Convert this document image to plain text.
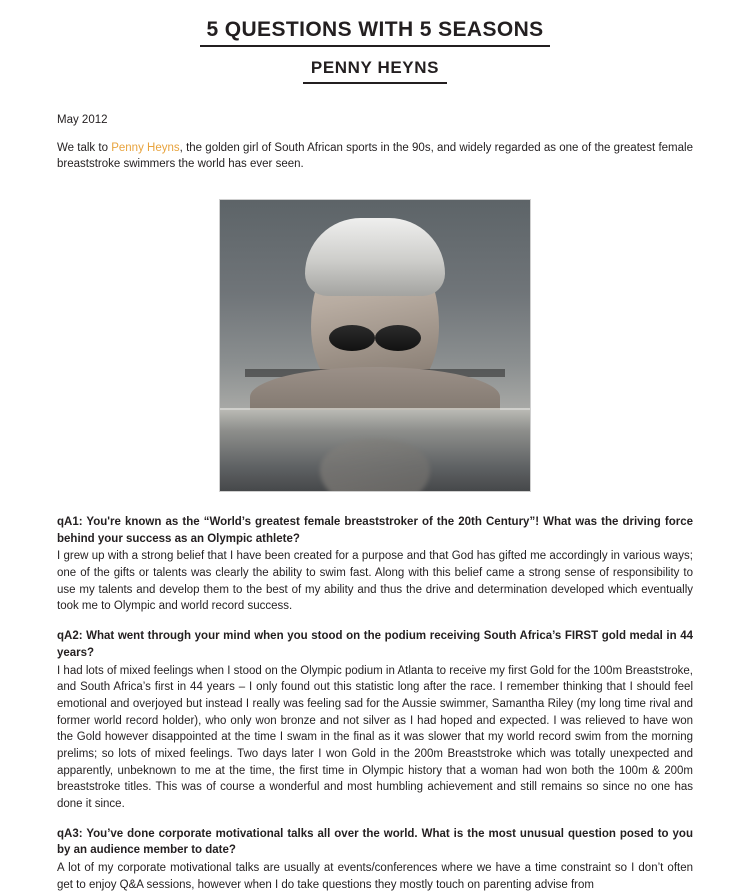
5 QUESTIONS WITH 5 SEASONS
PENNY HEYNS
May 2012
We talk to Penny Heyns, the golden girl of South African sports in the 90s, and widely regarded as one of the greatest female breaststroke swimmers the world has ever seen.
qA1: You're known as the “World’s greatest female breaststroker of the 20th Century”! What was the driving force behind your success as an Olympic athlete?
I grew up with a strong belief that I have been created for a purpose and that God has gifted me accordingly in various ways; one of the gifts or talents was clearly the ability to swim fast. Along with this belief came a strong sense of responsibility to use my talents and develop them to the best of my ability and thus the drive and determination developed which eventually took me to Olympic and world record success.
qA2: What went through your mind when you stood on the podium receiving South Africa’s FIRST gold medal in 44 years?
I had lots of mixed feelings when I stood on the Olympic podium in Atlanta to receive my first Gold for the 100m Breaststroke, and South Africa’s first in 44 years – I only found out this statistic long after the race. I remember thinking that I should feel emotional and overjoyed but instead I really was feeling sad for the Aussie swimmer, Samantha Riley (my long time rival and former world record holder), who only won bronze and not silver as I had hoped and expected. I was relieved to have won the Gold however disappointed at the time I swam in the final as it was slower that my world record swim from the morning prelims; so lots of mixed feelings. Two days later I won Gold in the 200m Breaststroke which was totally unexpected and apparently, unbeknown to me at the time, the first time in Olympic history that a woman had won both the 100m & 200m breaststroke titles. This was of course a wonderful and most humbling achievement and still remains so since no one has done it since.
qA3: You’ve done corporate motivational talks all over the world. What is the most unusual question posed to you by an audience member to date?
A lot of my corporate motivational talks are usually at events/conferences where we have a time constraint so I don’t often get to enjoy Q&A sessions, however when I do take questions they mostly touch on parenting advise from
